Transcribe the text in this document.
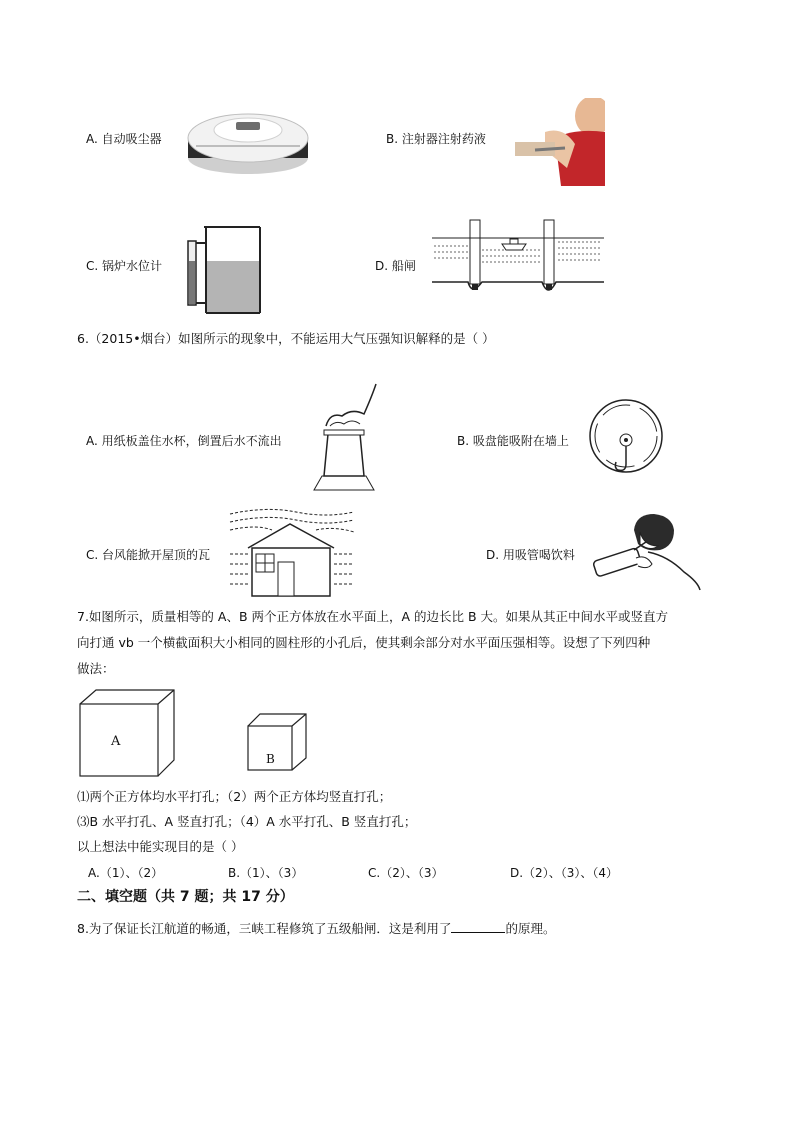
A. 自动吸尘器	B. 注射器注射药液
C. 锅炉水位计	D. 船闸
6.（2015•烟台）如图所示的现象中，不能运用大气压强知识解释的是（ ）
A. 用纸板盖住水杯，倒置后水不流出	B. 吸盘能吸附在墙上
C. 台风能掀开屋顶的瓦	D. 用吸管喝饮料
7.如图所示，质量相等的 A、B 两个正方体放在水平面上，A 的边长比 B 大。如果从其正中间水平或竖直方
向打通 vb 一个横截面积大小相同的圆柱形的小孔后，使其剩余部分对水平面压强相等。设想了下列四种
做法：
A
B
⑴两个正方体均水平打孔；（2）两个正方体均竖直打孔；
⑶B 水平打孔、A 竖直打孔；（4）A 水平打孔、B 竖直打孔；
以上想法中能实现目的是（ ）
A.（1）、（2）	B.（1）、（3）	C.（2）、（3）	D.（2）、（3）、（4）
二、填空题（共 7 题；共 17 分）
8.为了保证长江航道的畅通，三峡工程修筑了五级船闸．这是利用了	的原理。
